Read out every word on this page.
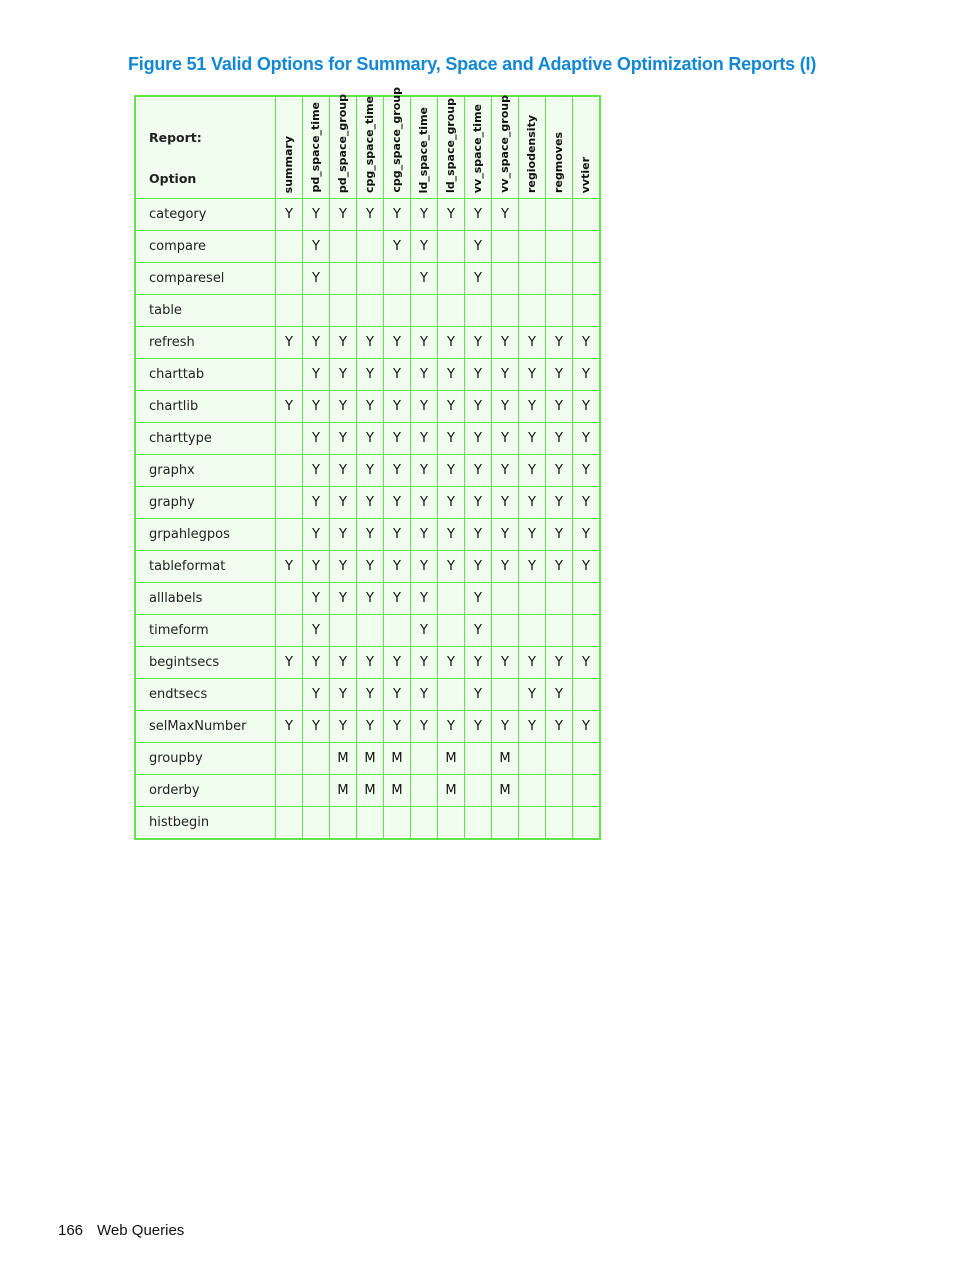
Figure 51 Valid Options for Summary, Space and Adaptive Optimization Reports (I)
Report:
Option	summary	pd_space_time	pd_space_group	cpg_space_time	cpg_space_group	ld_space_time	ld_space_group	vv_space_time	vv_space_group	regiodensity	regmoves	vvtier

category	Y	Y	Y	Y	Y	Y	Y	Y	Y			
compare		Y			Y	Y		Y				
comparesel		Y				Y		Y				
table												
refresh	Y	Y	Y	Y	Y	Y	Y	Y	Y	Y	Y	Y
charttab		Y	Y	Y	Y	Y	Y	Y	Y	Y	Y	Y
chartlib	Y	Y	Y	Y	Y	Y	Y	Y	Y	Y	Y	Y
charttype		Y	Y	Y	Y	Y	Y	Y	Y	Y	Y	Y
graphx		Y	Y	Y	Y	Y	Y	Y	Y	Y	Y	Y
graphy		Y	Y	Y	Y	Y	Y	Y	Y	Y	Y	Y
grpahlegpos		Y	Y	Y	Y	Y	Y	Y	Y	Y	Y	Y
tableformat	Y	Y	Y	Y	Y	Y	Y	Y	Y	Y	Y	Y
alllabels		Y	Y	Y	Y	Y		Y				
timeform		Y				Y		Y				
begintsecs	Y	Y	Y	Y	Y	Y	Y	Y	Y	Y	Y	Y
endtsecs		Y	Y	Y	Y	Y		Y		Y	Y	
selMaxNumber	Y	Y	Y	Y	Y	Y	Y	Y	Y	Y	Y	Y
groupby			M	M	M		M		M			
orderby			M	M	M		M		M			
histbegin												
166 Web Queries
